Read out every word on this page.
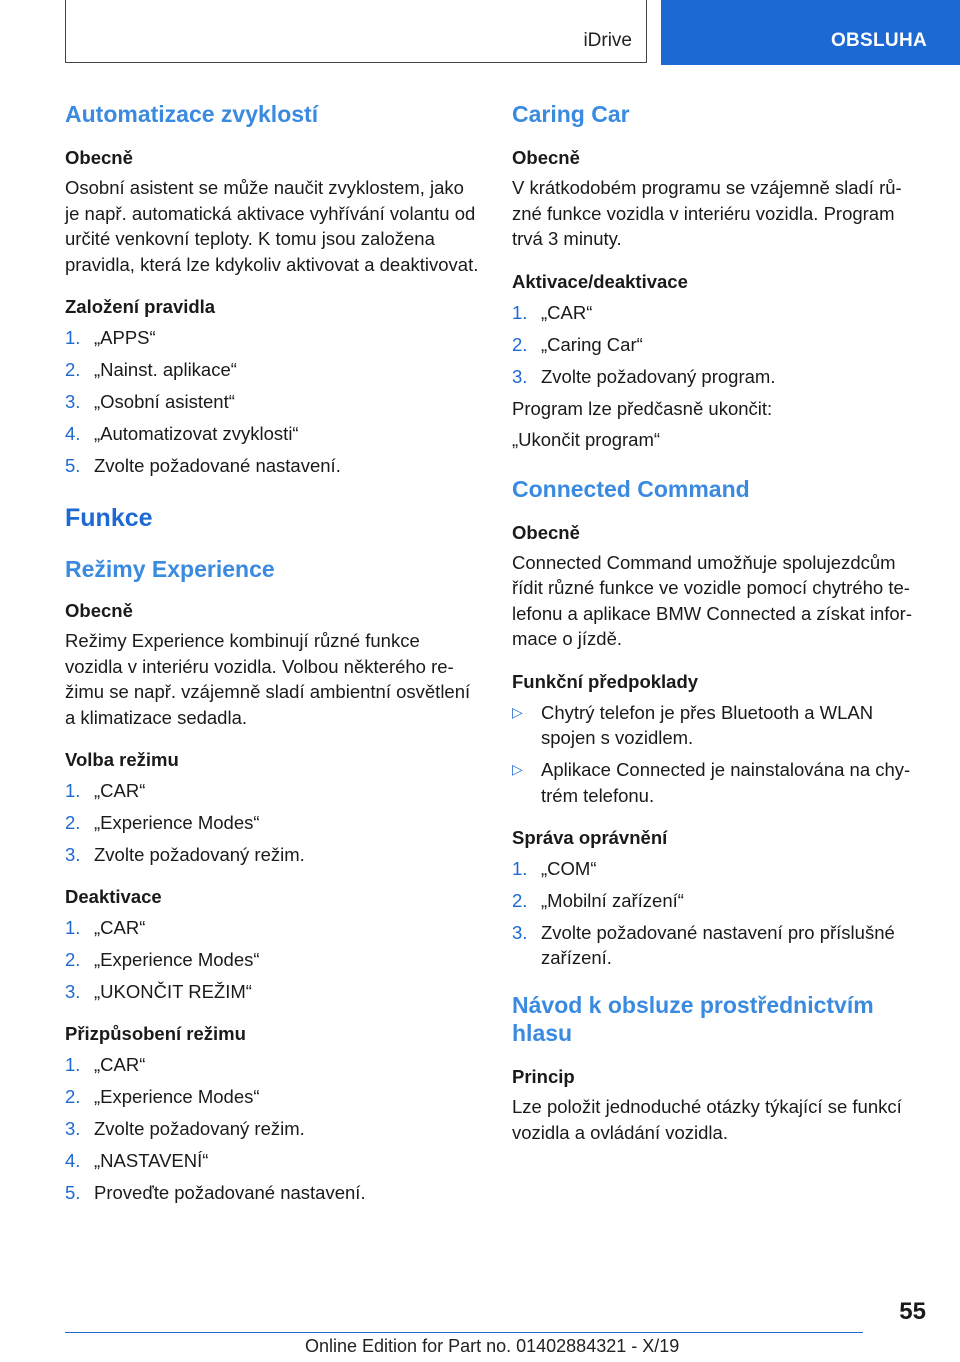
iDrive	OBSLUHA
Automatizace zvyklostí
Obecně

Osobní asistent se může naučit zvyklostem, jako

je např. automatická aktivace vyhřívání volantu od

určité venkovní teploty. K tomu jsou založena

pravidla, která lze kdykoliv aktivovat a deaktivovat.

Založení pravidla
1. „APPS“
2. „Nainst. aplikace“
3. „Osobní asistent“
4. „Automatizovat zvyklosti“
5. Zvolte požadované nastavení.
Funkce
Režimy Experience
Obecně

Režimy Experience kombinují různé funkce

vozidla v interiéru vozidla. Volbou některého re‐

žimu se např. vzájemně sladí ambientní osvětlení

a klimatizace sedadla.

Volba režimu
1. „CAR“
2. „Experience Modes“
3. Zvolte požadovaný režim.
Deaktivace
1. „CAR“
2. „Experience Modes“
3. „UKONČIT REŽIM“
Přizpůsobení režimu
1. „CAR“
2. „Experience Modes“
3. Zvolte požadovaný režim.
4. „NASTAVENÍ“
5. Proveďte požadované nastavení.
Caring Car
Obecně

V krátkodobém programu se vzájemně sladí rů‐

zné funkce vozidla v interiéru vozidla. Program

trvá 3 minuty.

Aktivace/deaktivace
1. „CAR“
2. „Caring Car“
3. Zvolte požadovaný program.

Program lze předčasně ukončit:

„Ukončit program“

Connected Command
Obecně

Connected Command umožňuje spolujezdcům

řídit různé funkce ve vozidle pomocí chytrého te‐

lefonu a aplikace BMW Connected a získat infor‐

mace o jízdě.

Funkční předpoklady
▷ Chytrý telefon je přes Bluetooth a WLAN
spojen s vozidlem.
▷ Aplikace Connected je nainstalována na chy‐
trém telefonu.
Správa oprávnění
1. „COM“
2. „Mobilní zařízení“
3. Zvolte požadované nastavení pro příslušné
zařízení.
Návod k obsluze prostřednictvím
hlasu
Princip

Lze položit jednoduché otázky týkající se funkcí

vozidla a ovládání vozidla.

55
Online Edition for Part no. 01402884321 - X/19
